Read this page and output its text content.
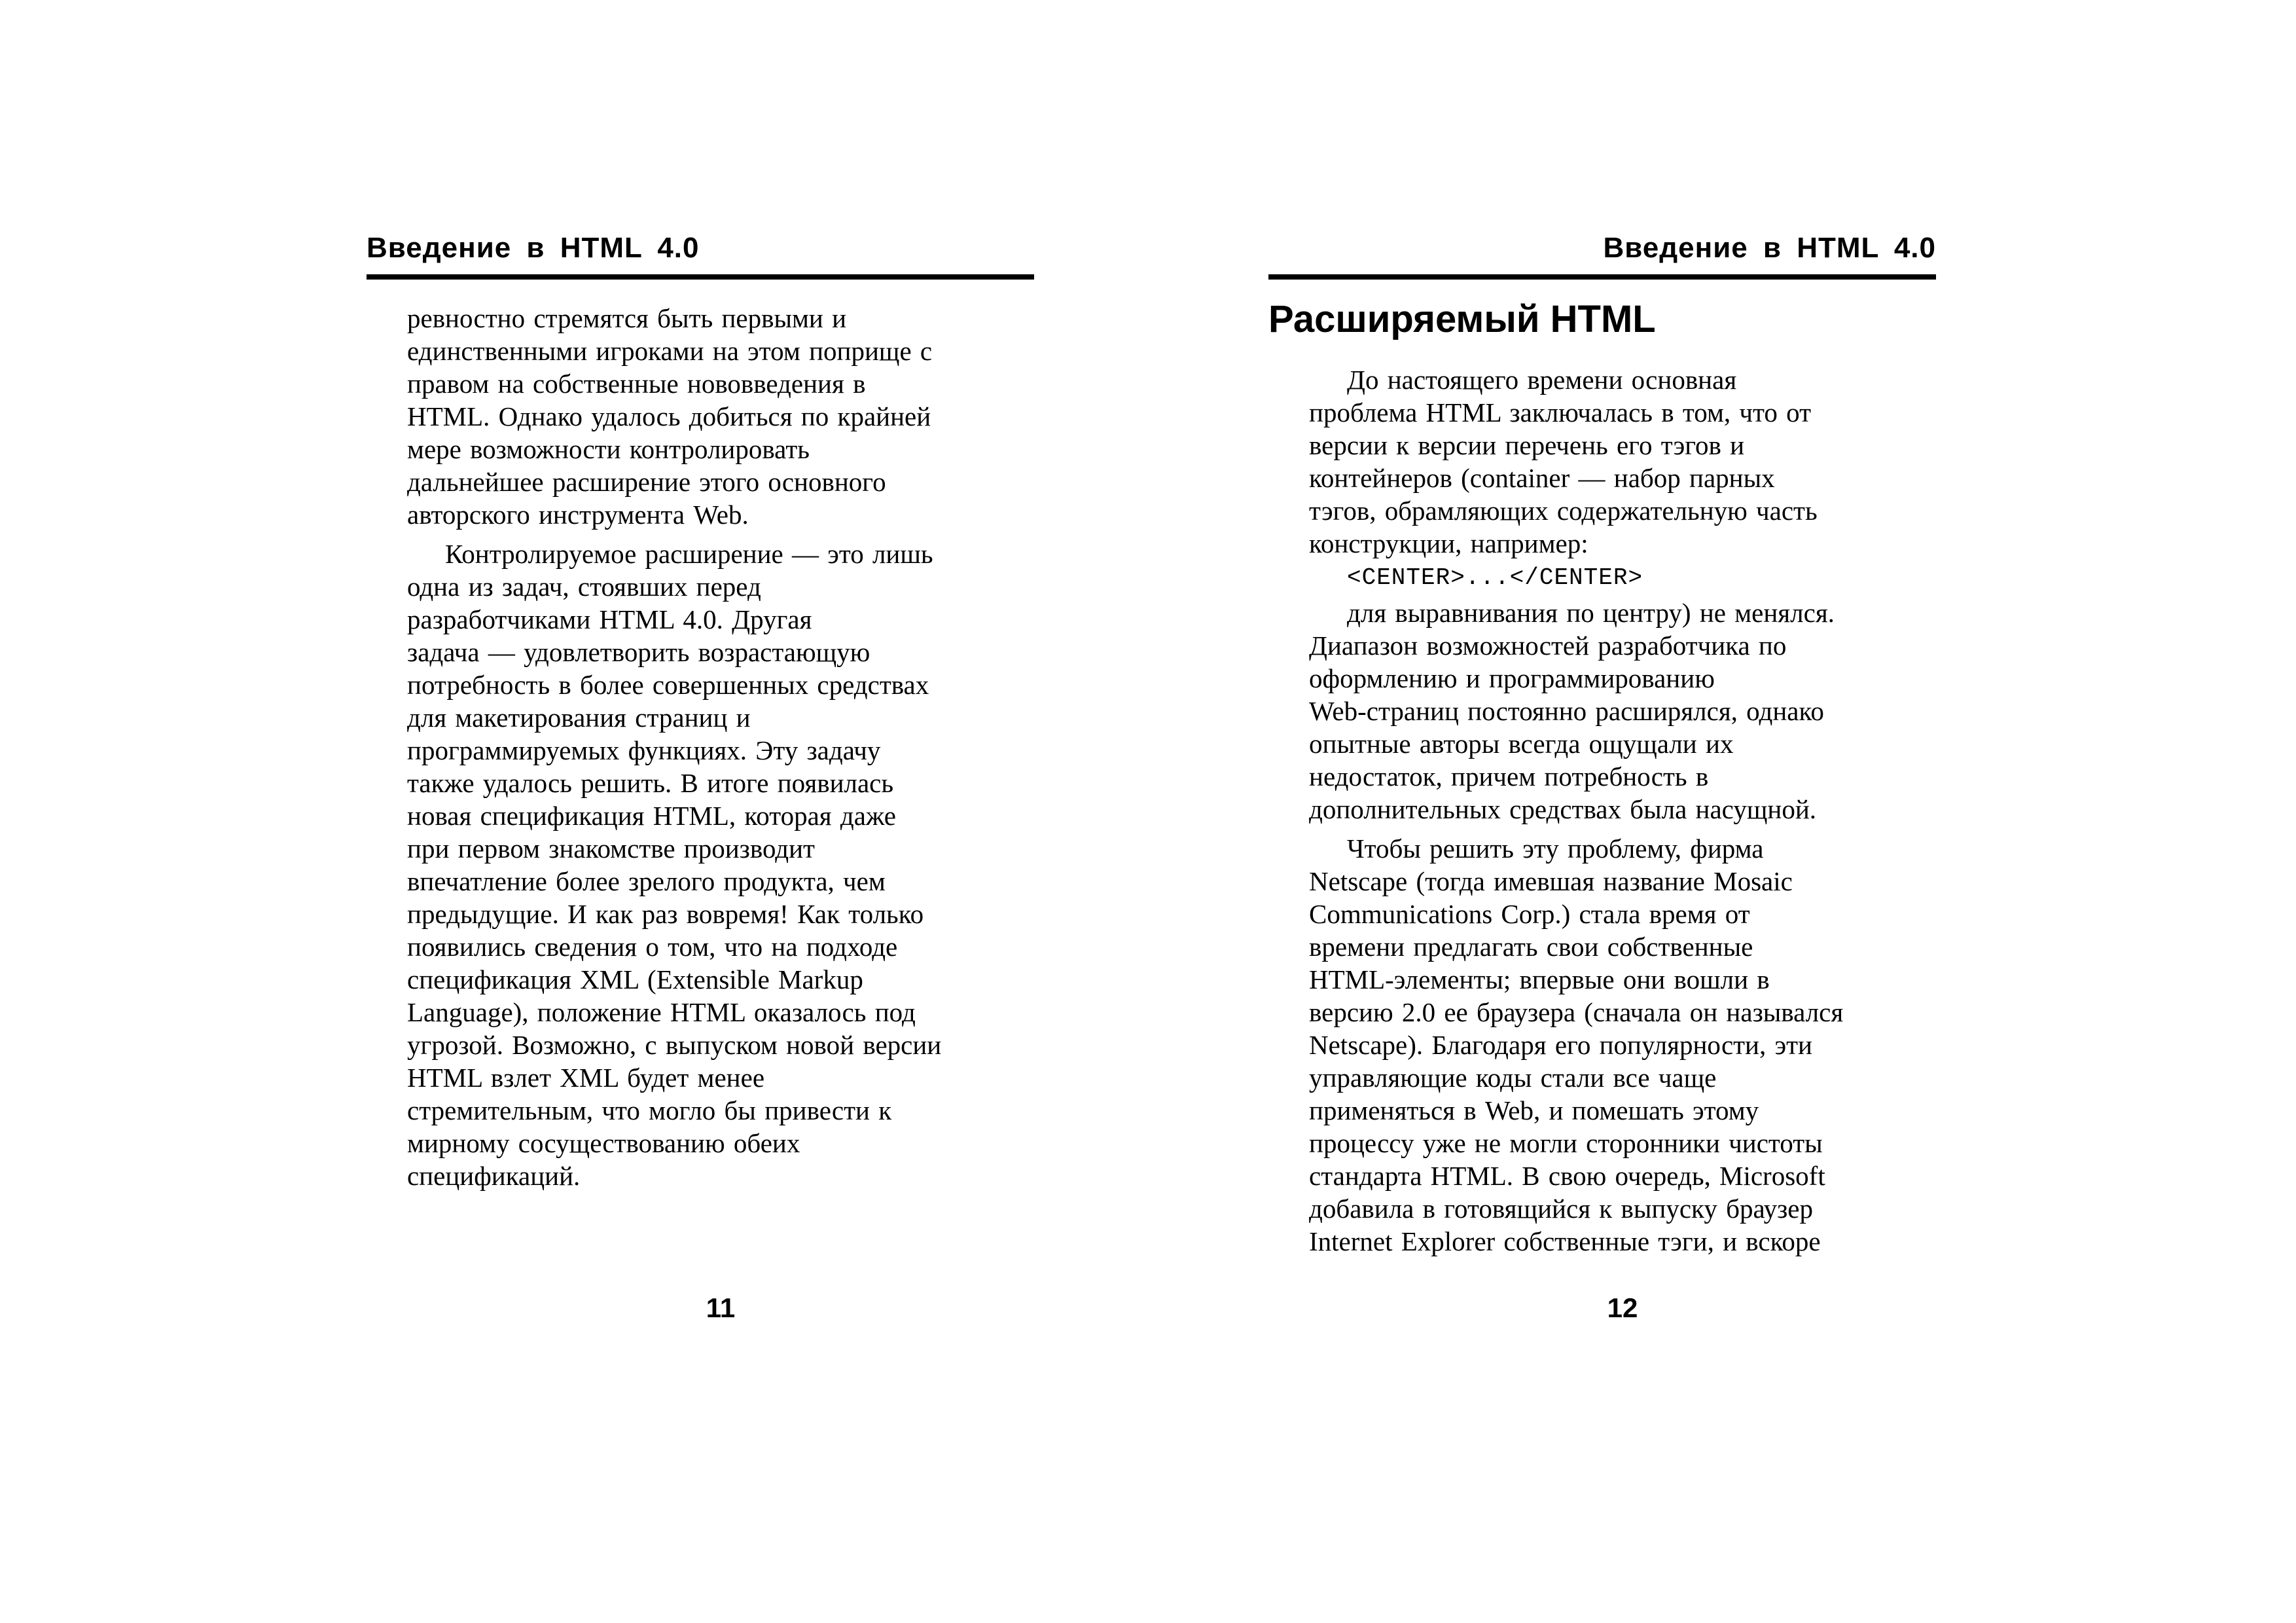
Введение в HTML 4.0
ревностно стремятся быть первыми и
единственными игроками на этом поприще с
правом на собственные нововведения в
HTML. Однако удалось добиться по крайней
мере возможности контролировать
дальнейшее расширение этого основного
авторского инструмента Web.
Контролируемое расширение — это лишь
одна из задач, стоявших перед
разработчиками HTML 4.0. Другая
задача — удовлетворить возрастающую
потребность в более совершенных средствах
для макетирования страниц и
программируемых функциях. Эту задачу
также удалось решить. В итоге появилась
новая спецификация HTML, которая даже
при первом знакомстве производит
впечатление более зрелого продукта, чем
предыдущие. И как раз вовремя! Как только
появились сведения о том, что на подходе
спецификация XML (Extensible Markup
Language), положение HTML оказалось под
угрозой. Возможно, с выпуском новой версии
HTML взлет XML будет менее
стремительным, что могло бы привести к
мирному сосуществованию обеих
спецификаций.
11
Введение в HTML 4.0
Расширяемый HTML
До настоящего времени основная
проблема HTML заключалась в том, что от
версии к версии перечень его тэгов и
контейнеров (container — набор парных
тэгов, обрамляющих содержательную часть
конструкции, например:
<CENTER>...</CENTER>
для выравнивания по центру) не менялся.
Диапазон возможностей разработчика по
оформлению и программированию
Web-страниц постоянно расширялся, однако
опытные авторы всегда ощущали их
недостаток, причем потребность в
дополнительных средствах была насущной.
Чтобы решить эту проблему, фирма
Netscape (тогда имевшая название Mosaic
Communications Corp.) стала время от
времени предлагать свои собственные
HTML-элементы; впервые они вошли в
версию 2.0 ее браузера (сначала он назывался
Netscape). Благодаря его популярности, эти
управляющие коды стали все чаще
применяться в Web, и помешать этому
процессу уже не могли сторонники чистоты
стандарта HTML. В свою очередь, Microsoft
добавила в готовящийся к выпуску браузер
Internet Explorer собственные тэги, и вскоре
12
